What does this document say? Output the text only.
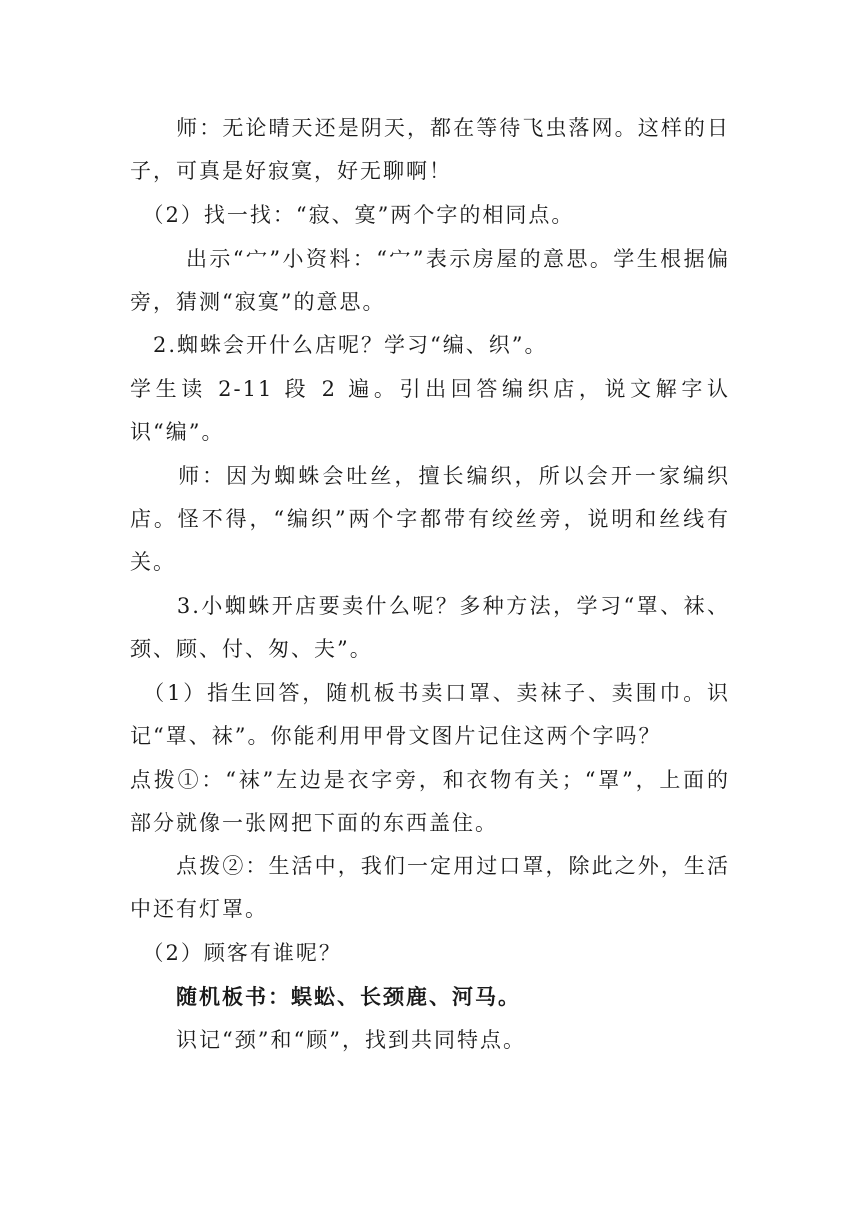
　　师：无论晴天还是阴天，都在等待飞虫落网。这样的日子，可真是好寂寞，好无聊啊！

　（2）找一找：“寂、寞”两个字的相同点。

　　 出示“宀”小资料：“宀”表示房屋的意思。学生根据偏旁，猜测“寂寞”的意思。

　2.蜘蛛会开什么店呢？学习“编、织”。

学生读 2-11 段 2 遍。引出回答编织店，说文解字认识“编”。

　　师：因为蜘蛛会吐丝，擅长编织，所以会开一家编织店。怪不得，“编织”两个字都带有绞丝旁，说明和丝线有关。

　　3.小蜘蛛开店要卖什么呢？多种方法，学习“罩、袜、颈、顾、付、匆、夫”。

　（1）指生回答，随机板书卖口罩、卖袜子、卖围巾。识记“罩、袜”。你能利用甲骨文图片记住这两个字吗？

点拨①：“袜”左边是衣字旁，和衣物有关；“罩”，上面的部分就像一张网把下面的东西盖住。

　　点拨②：生活中，我们一定用过口罩，除此之外，生活中还有灯罩。

　（2）顾客有谁呢？

　　随机板书：蜈蚣、长颈鹿、河马。

　　识记“颈”和“顾”，找到共同特点。
